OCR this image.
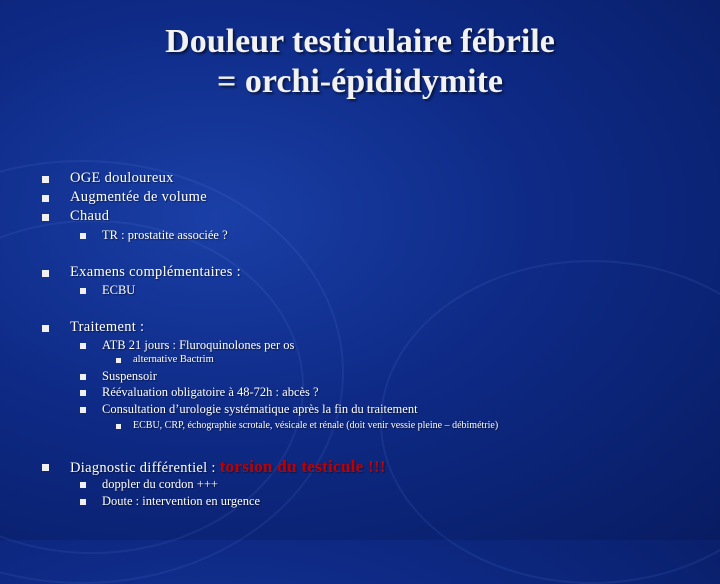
Douleur testiculaire fébrile
= orchi-épididymite
OGE douloureux
Augmentée de volume
Chaud
TR : prostatite associée ?
Examens complémentaires :
ECBU
Traitement :
ATB 21 jours : Fluroquinolones per os
alternative Bactrim
Suspensoir
Réévaluation obligatoire à 48-72h : abcès ?
Consultation d’urologie systématique après la fin du traitement
ECBU, CRP, échographie scrotale, vésicale et rénale (doit venir vessie pleine – débimétrie)
Diagnostic différentiel : torsion du testicule !!!
doppler du cordon +++
Doute : intervention en urgence
